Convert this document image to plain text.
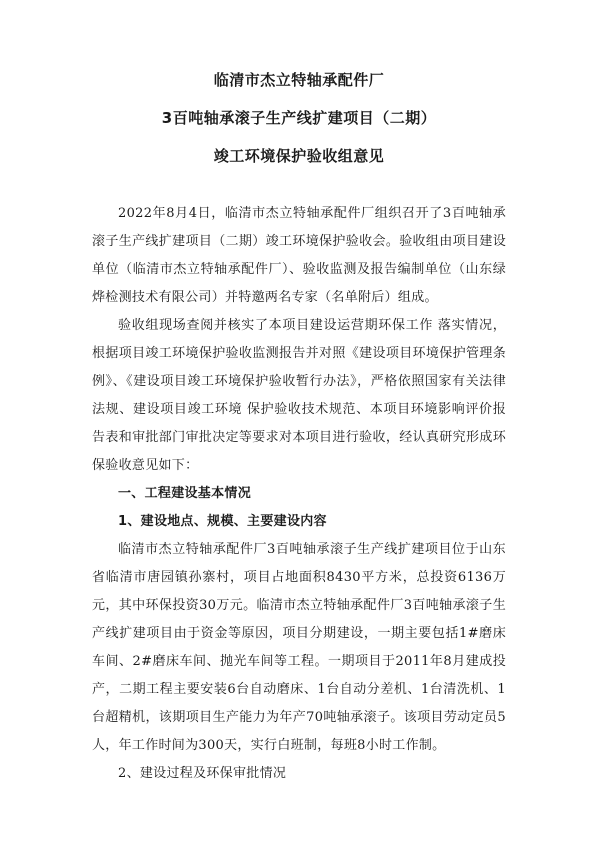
临清市杰立特轴承配件厂
3百吨轴承滚子生产线扩建项目（二期）
竣工环境保护验收组意见

2022年8月4日，临清市杰立特轴承配件厂组织召开了3百吨轴承滚子生产线扩建项目（二期）竣工环境保护验收会。验收组由项目建设单位（临清市杰立特轴承配件厂）、验收监测及报告编制单位（山东绿烨检测技术有限公司）并特邀两名专家（名单附后）组成。

验收组现场查阅并核实了本项目建设运营期环保工作 落实情况，根据项目竣工环境保护验收监测报告并对照《建设项目环境保护管理条例》、《建设项目竣工环境保护验收暂行办法》，严格依照国家有关法律法规、建设项目竣工环境 保护验收技术规范、本项目环境影响评价报告表和审批部门审批决定等要求对本项目进行验收，经认真研究形成环保验收意见如下：

一、工程建设基本情况

1、建设地点、规模、主要建设内容

临清市杰立特轴承配件厂3百吨轴承滚子生产线扩建项目位于山东省临清市唐园镇孙寨村，项目占地面积8430平方米，总投资6136万元，其中环保投资30万元。临清市杰立特轴承配件厂3百吨轴承滚子生产线扩建项目由于资金等原因，项目分期建设，一期主要包括1#磨床车间、2#磨床车间、抛光车间等工程。一期项目于2011年8月建成投产，二期工程主要安装6台自动磨床、1台自动分差机、1台清洗机、1台超精机，该期项目生产能力为年产70吨轴承滚子。该项目劳动定员5人，年工作时间为300天，实行白班制，每班8小时工作制。

2、建设过程及环保审批情况
